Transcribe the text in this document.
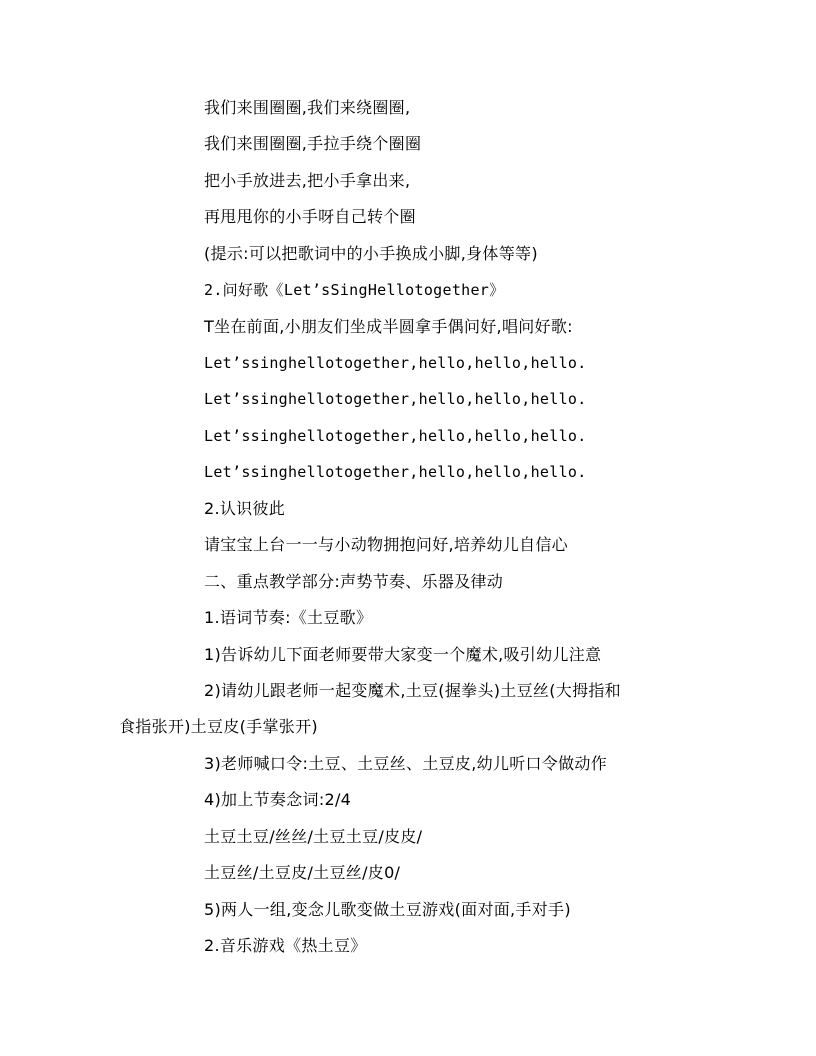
我们来围圈圈,我们来绕圈圈,
我们来围圈圈,手拉手绕个圈圈
把小手放进去,把小手拿出来,
再甩甩你的小手呀自己转个圈
(提示:可以把歌词中的小手换成小脚,身体等等)
2.问好歌《Let’sSingHellotogether》
T坐在前面,小朋友们坐成半圆拿手偶问好,唱问好歌:
Let’ssinghellotogether,hello,hello,hello.
Let’ssinghellotogether,hello,hello,hello.
Let’ssinghellotogether,hello,hello,hello.
Let’ssinghellotogether,hello,hello,hello.
2.认识彼此
请宝宝上台一一与小动物拥抱问好,培养幼儿自信心
二、重点教学部分:声势节奏、乐器及律动
1.语词节奏:《土豆歌》
1)告诉幼儿下面老师要带大家变一个魔术,吸引幼儿注意
2)请幼儿跟老师一起变魔术,土豆(握拳头)土豆丝(大拇指和
食指张开)土豆皮(手掌张开)
3)老师喊口令:土豆、土豆丝、土豆皮,幼儿听口令做动作
4)加上节奏念词:2/4
土豆土豆/丝丝/土豆土豆/皮皮/
土豆丝/土豆皮/土豆丝/皮0/
5)两人一组,变念儿歌变做土豆游戏(面对面,手对手)
2.音乐游戏《热土豆》
